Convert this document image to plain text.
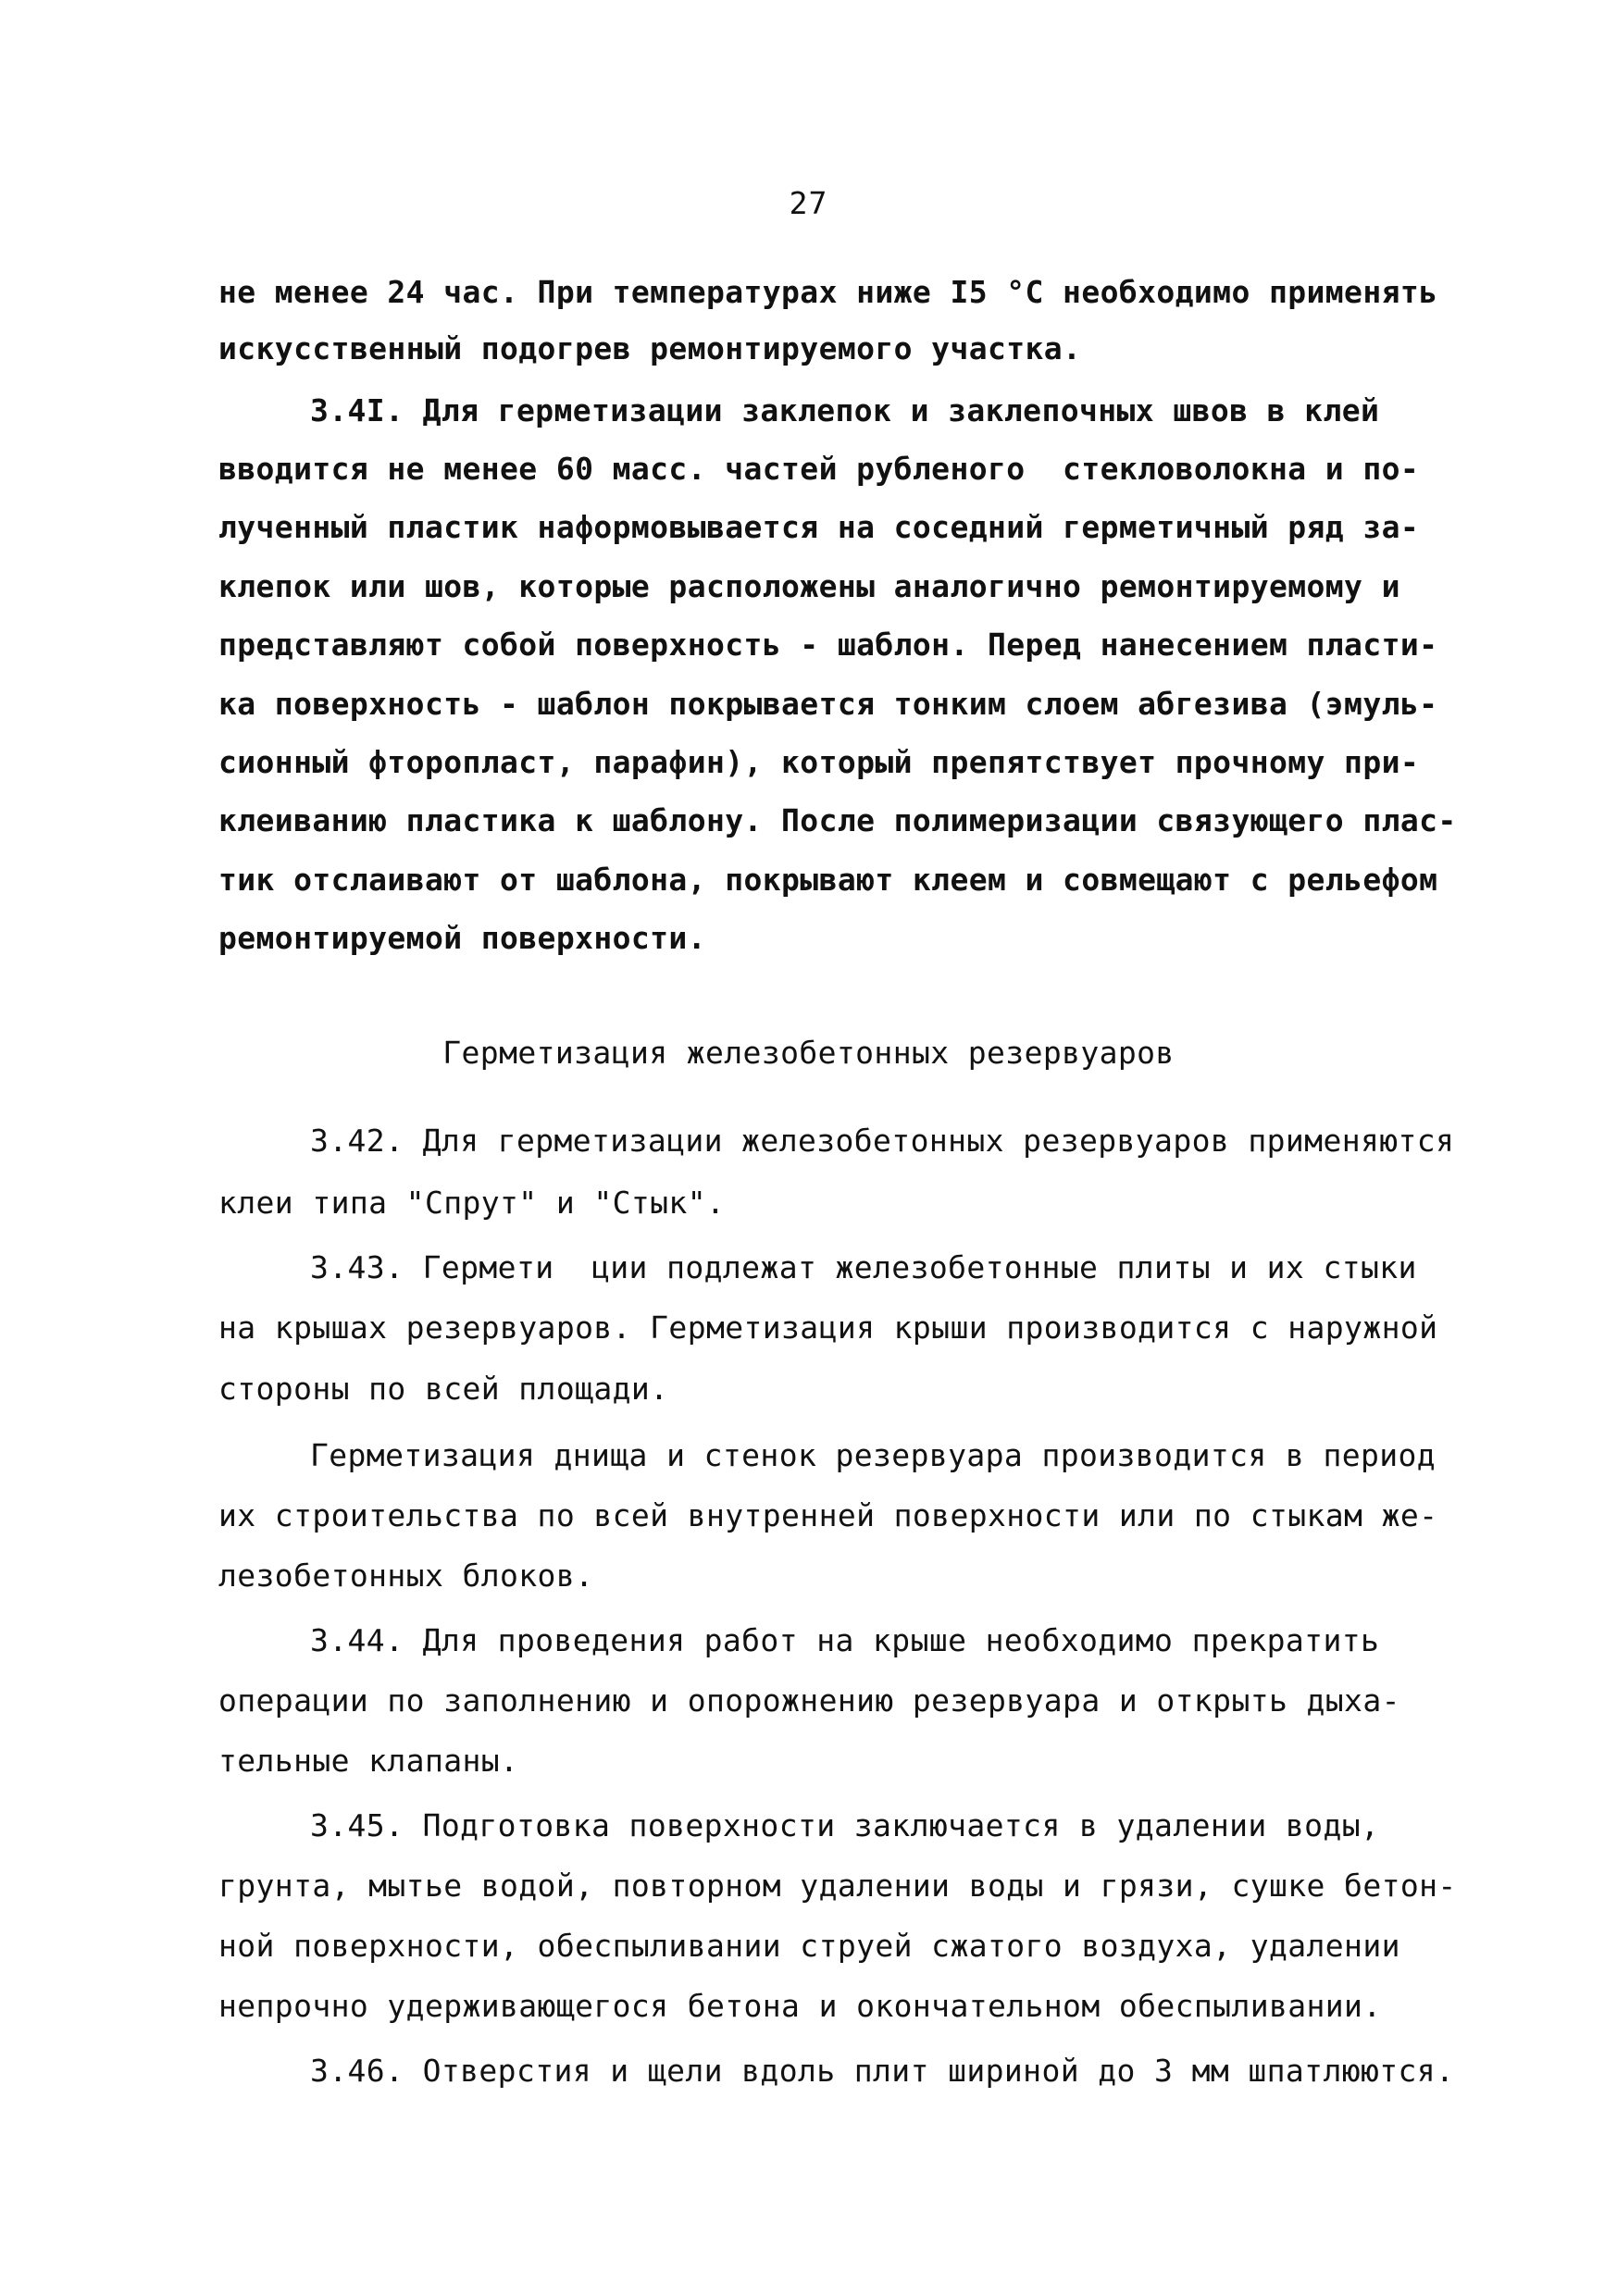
27
не менее 24 час. При температурах ниже I5 °С необходимо применять
искусственный подогрев ремонтируемого участка.
3.4I. Для герметизации заклепок и заклепочных швов в клей
вводится не менее 60 масс. частей рубленого  стекловолокна и по-
лученный пластик наформовывается на соседний герметичный ряд за-
клепок или шов, которые расположены аналогично ремонтируемому и
представляют собой поверхность - шаблон. Перед нанесением пласти-
ка поверхность - шаблон покрывается тонким слоем абгезива (эмуль-
сионный фторопласт, парафин), который препятствует прочному при-
клеиванию пластика к шаблону. После полимеризации связующего плас-
тик отслаивают от шаблона, покрывают клеем и совмещают с рельефом
ремонтируемой поверхности.
Герметизация железобетонных резервуаров
3.42. Для герметизации железобетонных резервуаров применяются
клеи типа "Спрут" и "Стык".
3.43. Гермети  ции подлежат железобетонные плиты и их стыки
на крышах резервуаров. Герметизация крыши производится с наружной
стороны по всей площади.
Герметизация днища и стенок резервуара производится в период
их строительства по всей внутренней поверхности или по стыкам же-
лезобетонных блоков.
3.44. Для проведения работ на крыше необходимо прекратить
операции по заполнению и опорожнению резервуара и открыть дыха-
тельные клапаны.
3.45. Подготовка поверхности заключается в удалении воды,
грунта, мытье водой, повторном удалении воды и грязи, сушке бетон-
ной поверхности, обеспыливании струей сжатого воздуха, удалении
непрочно удерживающегося бетона и окончательном обеспыливании.
3.46. Отверстия и щели вдоль плит шириной до 3 мм шпатлюются.
